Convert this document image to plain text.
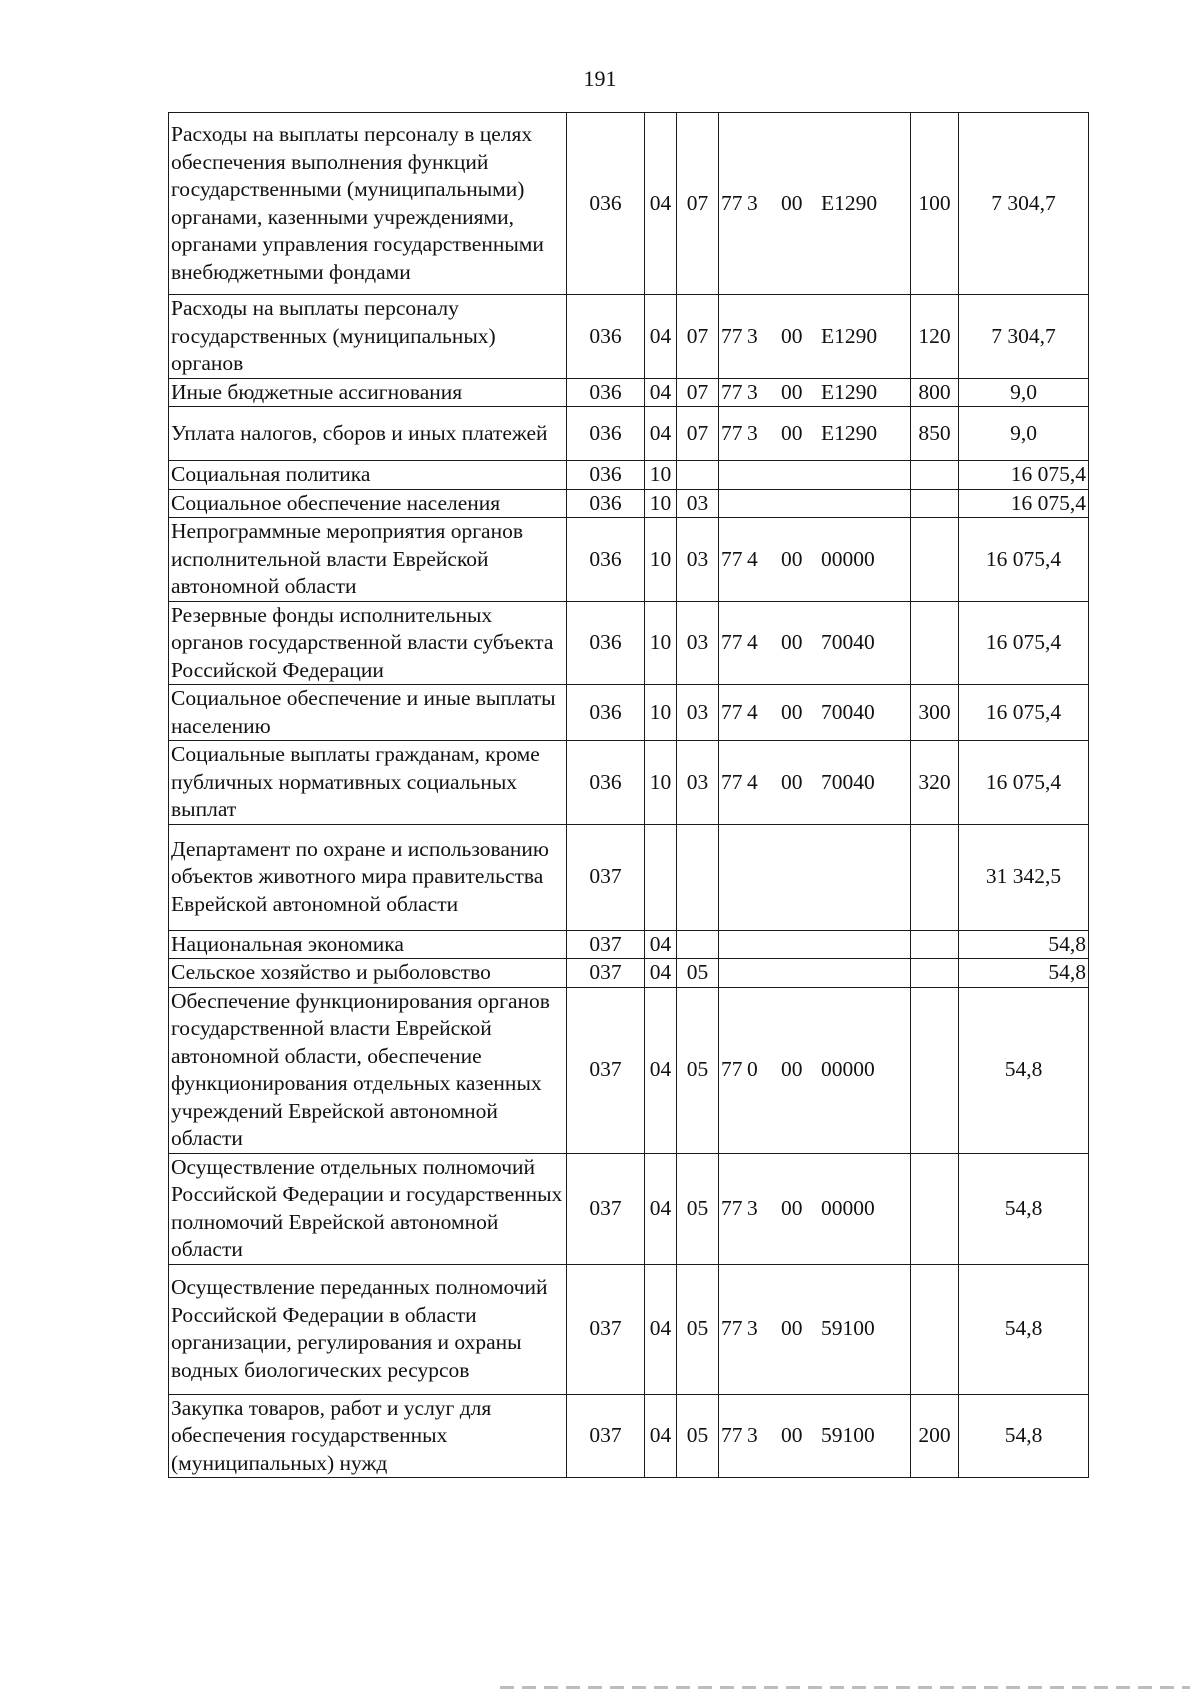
191
Расходы на выплаты персоналу в целях обеспечения выполнения функций государственными (муниципальными) органами, казенными учреждениями, органами управления государственными внебюджетными фондами	036	04	07	77 3 00 E1290	100	7 304,7
Расходы на выплаты персоналу государственных (муниципальных) органов	036	04	07	77 3 00 E1290	120	7 304,7
Иные бюджетные ассигнования	036	04	07	77 3 00 E1290	800	9,0
Уплата налогов, сборов и иных платежей	036	04	07	77 3 00 E1290	850	9,0
Социальная политика	036	10				16 075,4
Социальное обеспечение населения	036	10	03			16 075,4
Непрограммные мероприятия органов исполнительной власти Еврейской автономной области	036	10	03	77 4 00 00000		16 075,4
Резервные фонды исполнительных органов государственной власти субъекта Российской Федерации	036	10	03	77 4 00 70040		16 075,4
Социальное обеспечение и иные выплаты населению	036	10	03	77 4 00 70040	300	16 075,4
Социальные выплаты гражданам, кроме публичных нормативных социальных выплат	036	10	03	77 4 00 70040	320	16 075,4
Департамент по охране и использованию объектов животного мира правительства Еврейской автономной области	037					31 342,5
Национальная экономика	037	04				54,8
Сельское хозяйство и рыболовство	037	04	05			54,8
Обеспечение функционирования органов государственной власти Еврейской автономной области, обеспечение функционирования отдельных казенных учреждений Еврейской автономной области	037	04	05	77 0 00 00000		54,8
Осуществление отдельных полномочий Российской Федерации и государственных полномочий Еврейской автономной области	037	04	05	77 3 00 00000		54,8
Осуществление переданных полномочий Российской Федерации в области организации, регулирования и охраны водных биологических ресурсов	037	04	05	77 3 00 59100		54,8
Закупка товаров, работ и услуг для обеспечения государственных (муниципальных) нужд	037	04	05	77 3 00 59100	200	54,8
